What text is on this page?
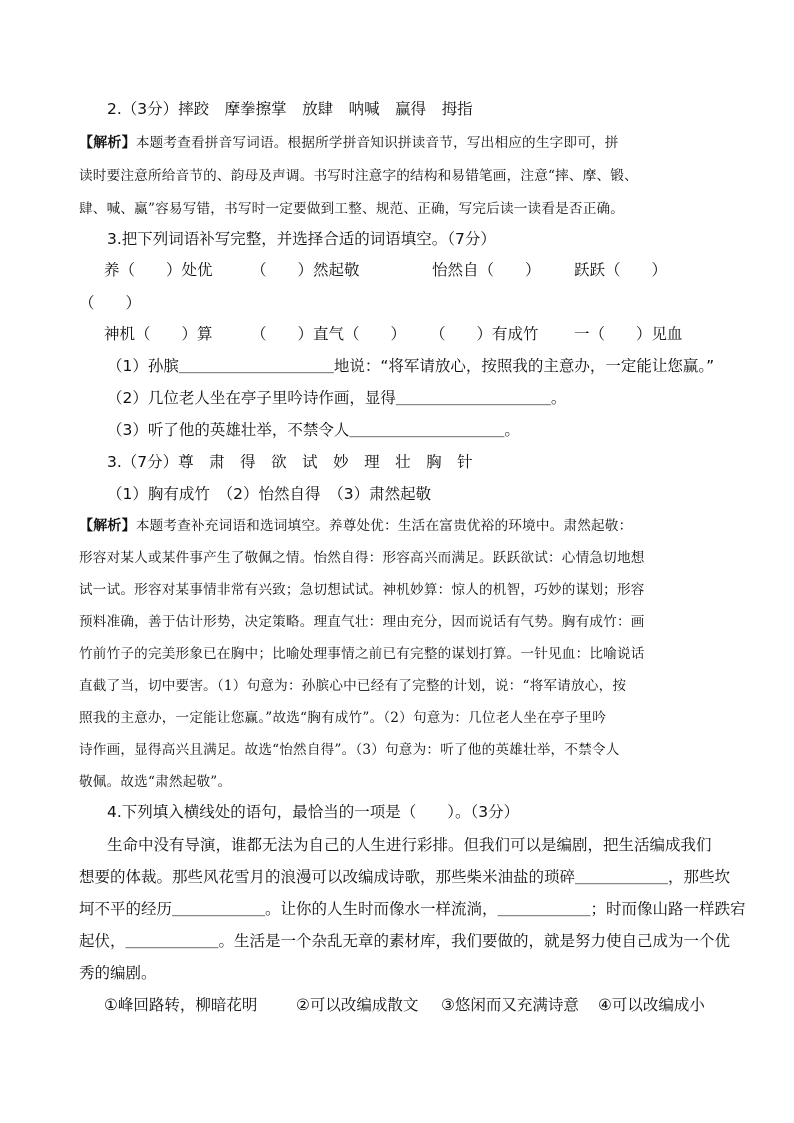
2.（3分）摔跤　摩拳擦掌　放肆　呐喊　赢得　拇指
【解析】本题考查看拼音写词语。根据所学拼音知识拼读音节，写出相应的生字即可，拼
读时要注意所给音节的、韵母及声调。书写时注意字的结构和易错笔画，注意“摔、摩、锻、
肆、喊、赢”容易写错，书写时一定要做到工整、规范、正确，写完后读一读看是否正确。
3.把下列词语补写完整，并选择合适的词语填空。（7分）
养（　　）处优 （　　）然起敬	怡然自（　　） 跃跃（　　）
（　　）
神机（　　）算 （　　）直气（　　） （　　）有成竹 一（　　）见血
（1）孙膑＿＿＿＿＿＿＿＿＿＿地说：“将军请放心，按照我的主意办，一定能让您赢。”
（2）几位老人坐在亭子里吟诗作画，显得＿＿＿＿＿＿＿＿＿＿。
（3）听了他的英雄壮举，不禁令人＿＿＿＿＿＿＿＿＿＿。
3.（7分）尊　肃　得　欲　试　妙　理　壮　胸　针
（1）胸有成竹　（2）怡然自得　（3）肃然起敬
【解析】本题考查补充词语和选词填空。养尊处优：生活在富贵优裕的环境中。肃然起敬：
形容对某人或某件事产生了敬佩之情。怡然自得：形容高兴而满足。跃跃欲试：心情急切地想
试一试。形容对某事情非常有兴致；急切想试试。神机妙算：惊人的机智，巧妙的谋划；形容
预料准确，善于估计形势，决定策略。理直气壮：理由充分，因而说话有气势。胸有成竹：画
竹前竹子的完美形象已在胸中；比喻处理事情之前已有完整的谋划打算。一针见血：比喻说话
直截了当，切中要害。（1）句意为：孙膑心中已经有了完整的计划，说：“将军请放心，按
照我的主意办，一定能让您赢。”故选“胸有成竹”。（2）句意为：几位老人坐在亭子里吟
诗作画，显得高兴且满足。故选“怡然自得”。（3）句意为：听了他的英雄壮举，不禁令人
敬佩。故选“肃然起敬”。
4.下列填入横线处的语句，最恰当的一项是（　　）。（3分）
生命中没有导演，谁都无法为自己的人生进行彩排。但我们可以是编剧，把生活编成我们
想要的体裁。那些风花雪月的浪漫可以改编成诗歌，那些柴米油盐的琐碎＿＿＿＿＿＿，那些坎
坷不平的经历＿＿＿＿＿＿。让你的人生时而像水一样流淌，＿＿＿＿＿＿；时而像山路一样跌宕
起伏，＿＿＿＿＿＿。生活是一个杂乱无章的素材库，我们要做的，就是努力使自己成为一个优
秀的编剧。
①峰回路转，柳暗花明 ②可以改编成散文 ③悠闲而又充满诗意 ④可以改编成小
